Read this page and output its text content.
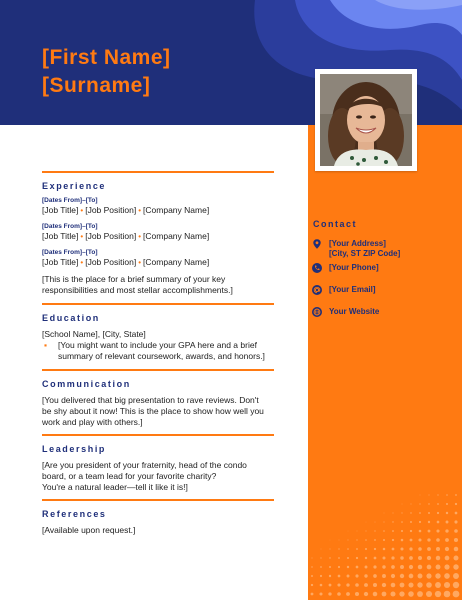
[First Name]
[Surname]
Contact
[Your Address]
[City, ST ZIP Code]
[Your Phone]
[Your Email]
Your Website
Experience
[Dates From]–[To]
[Job Title] • [Job Position] • [Company Name]
[Dates From]–[To]
[Job Title] • [Job Position] • [Company Name]
[Dates From]–[To]
[Job Title] • [Job Position] • [Company Name]
[This is the place for a brief summary of your key
responsibilities and most stellar accomplishments.]
Education
[School Name], [City, State]
▪	[You might want to include your GPA here and a brief
summary of relevant coursework, awards, and honors.]
Communication
[You delivered that big presentation to rave reviews. Don't
be shy about it now! This is the place to show how well you
work and play with others.]
Leadership
[Are you president of your fraternity, head of the condo
board, or a team lead for your favorite charity?
You're a natural leader—tell it like it is!]
References
[Available upon request.]
